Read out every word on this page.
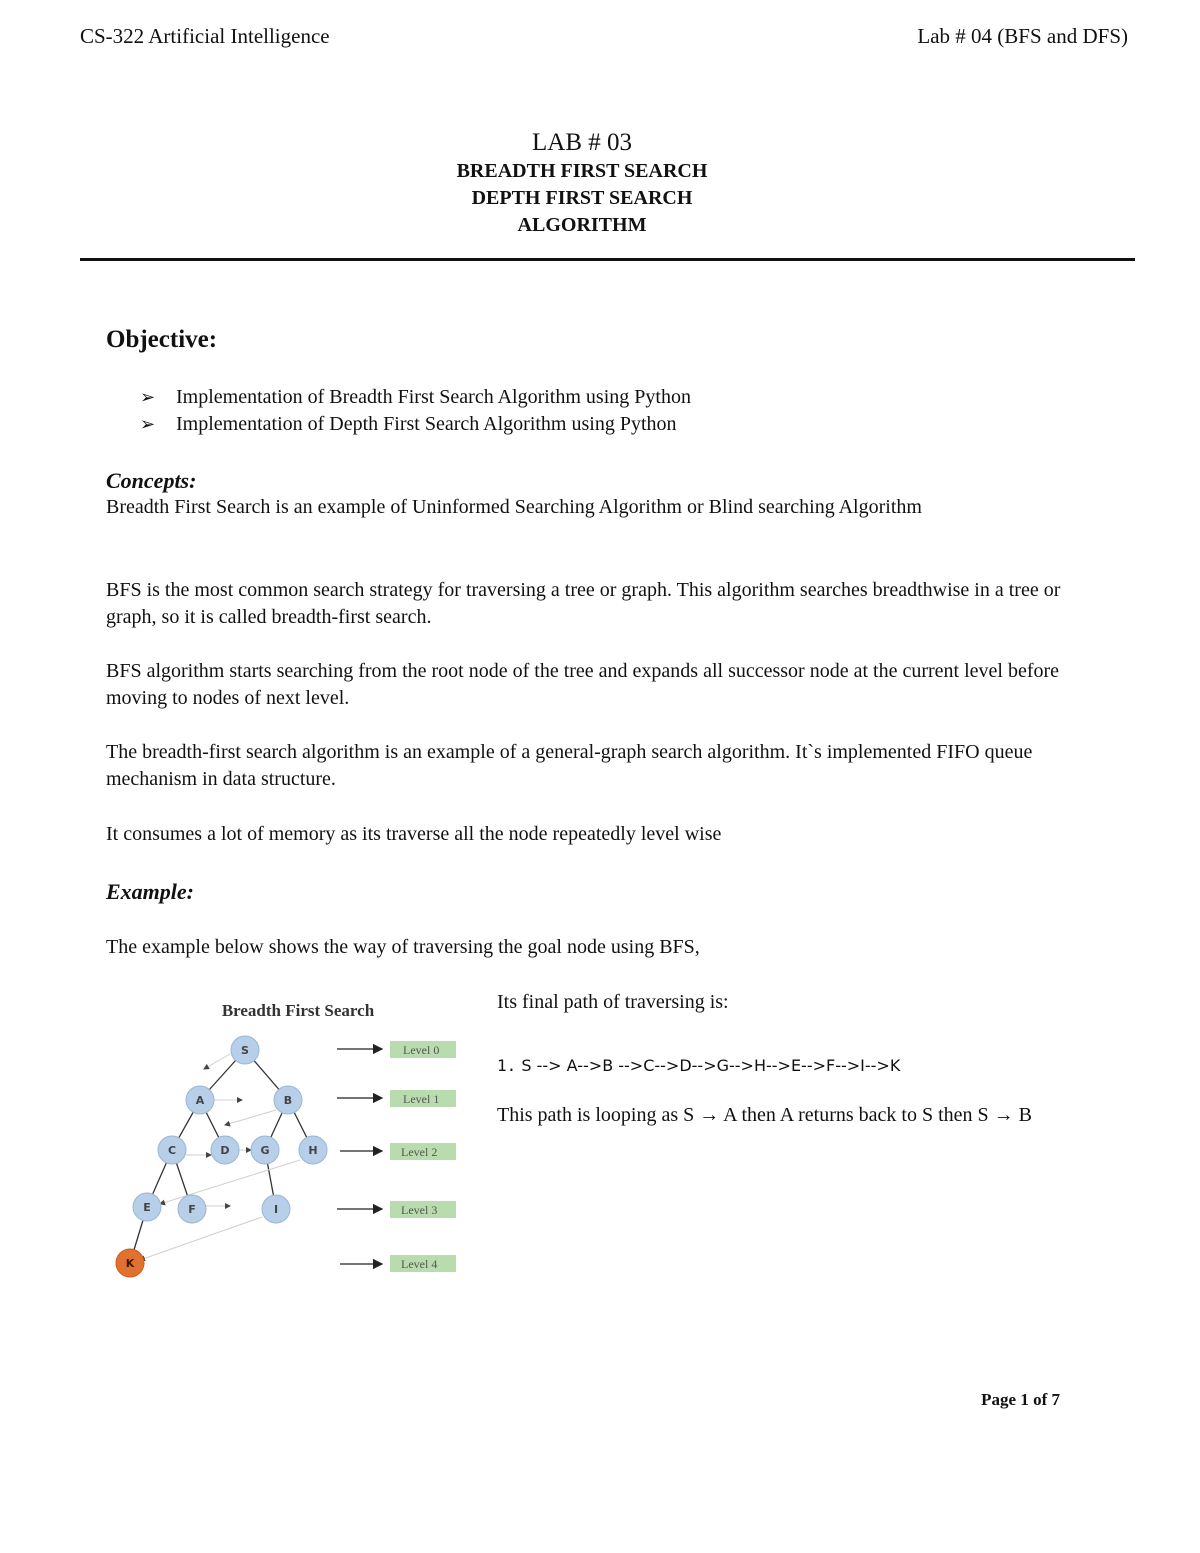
CS-322 Artificial Intelligence	Lab # 04 (BFS and DFS)
LAB # 03
BREADTH FIRST SEARCH
DEPTH FIRST SEARCH
ALGORITHM
Objective:
➢	Implementation of Breadth First Search Algorithm using Python
➢	Implementation of Depth First Search Algorithm using Python
Concepts:

Breadth First Search is an example of Uninformed Searching Algorithm or Blind searching Algorithm

BFS is the most common search strategy for traversing a tree or graph. This algorithm searches breadthwise in a tree or graph, so it is called breadth-first search.
BFS algorithm starts searching from the root node of the tree and expands all successor node at the current level before moving to nodes of next level.
The breadth-first search algorithm is an example of a general-graph search algorithm. It`s implemented FIFO queue mechanism in data structure.
It consumes a lot of memory as its traverse all the node repeatedly level wise
Example:
The example below shows the way of traversing the goal node using BFS,
Breadth First Search
S
A	B
C	D	G	H
E	F	I
K
Level 0
Level 1
Level 2
Level 3
Level 4
Its final path of traversing is:
1. S --> A-->B -->C-->D-->G-->H-->E-->F-->I-->K
This path is looping as S → A then A returns back to S then S → B
Page 1 of 7
